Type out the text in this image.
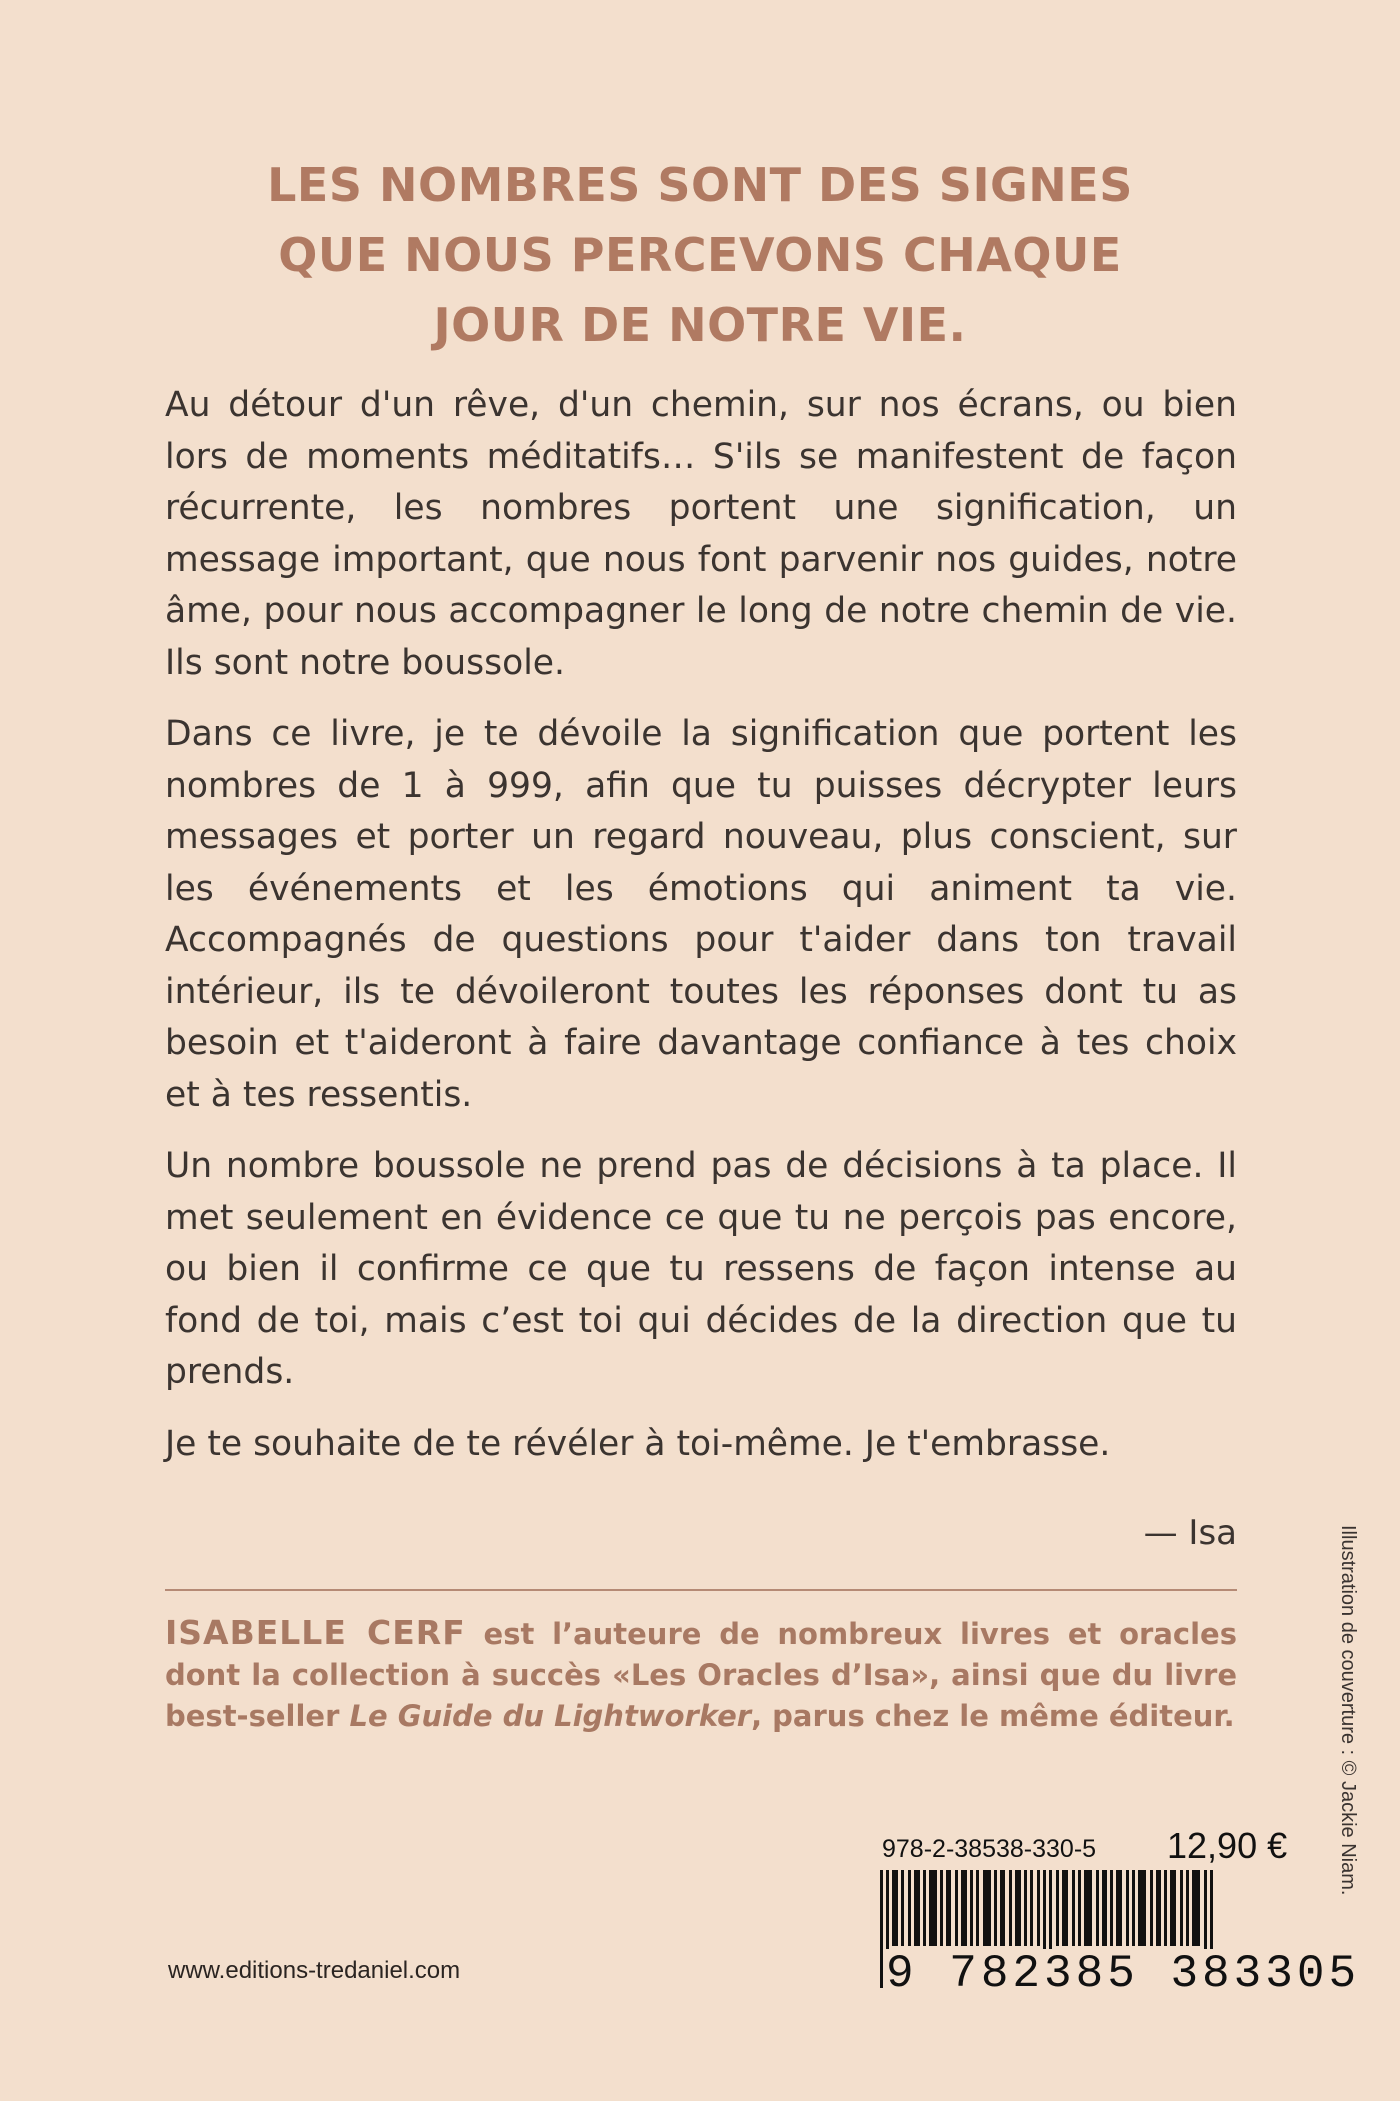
LES NOMBRES SONT DES SIGNES
QUE NOUS PERCEVONS CHAQUE
JOUR DE NOTRE VIE.

Au détour d'un rêve, d'un chemin, sur nos écrans, ou bien lors de moments méditatifs… S'ils se manifestent de façon récurrente, les nombres portent une signification, un message important, que nous font parvenir nos guides, notre âme, pour nous accompagner le long de notre chemin de vie. Ils sont notre boussole.

Dans ce livre, je te dévoile la signification que portent les nombres de 1 à 999, afin que tu puisses décrypter leurs messages et porter un regard nouveau, plus conscient, sur les événements et les émotions qui animent ta vie. Accompagnés de questions pour t'aider dans ton travail intérieur, ils te dévoileront toutes les réponses dont tu as besoin et t'aideront à faire davantage confiance à tes choix et à tes ressentis.

Un nombre boussole ne prend pas de décisions à ta place. Il met seulement en évidence ce que tu ne perçois pas encore, ou bien il confirme ce que tu ressens de façon intense au fond de toi, mais c’est toi qui décides de la direction que tu prends.

Je te souhaite de te révéler à toi-même. Je t'embrasse.

— Isa
ISABELLE CERF est l’auteure de nombreux livres et oracles dont la collection à succès «Les Oracles d’Isa», ainsi que du livre best-seller Le Guide du Lightworker, parus chez le même éditeur.
978-2-38538-330-5 12,90 €
9 782385 383305
www.editions-tredaniel.com
Illustration de couverture : © Jackie Niam.
